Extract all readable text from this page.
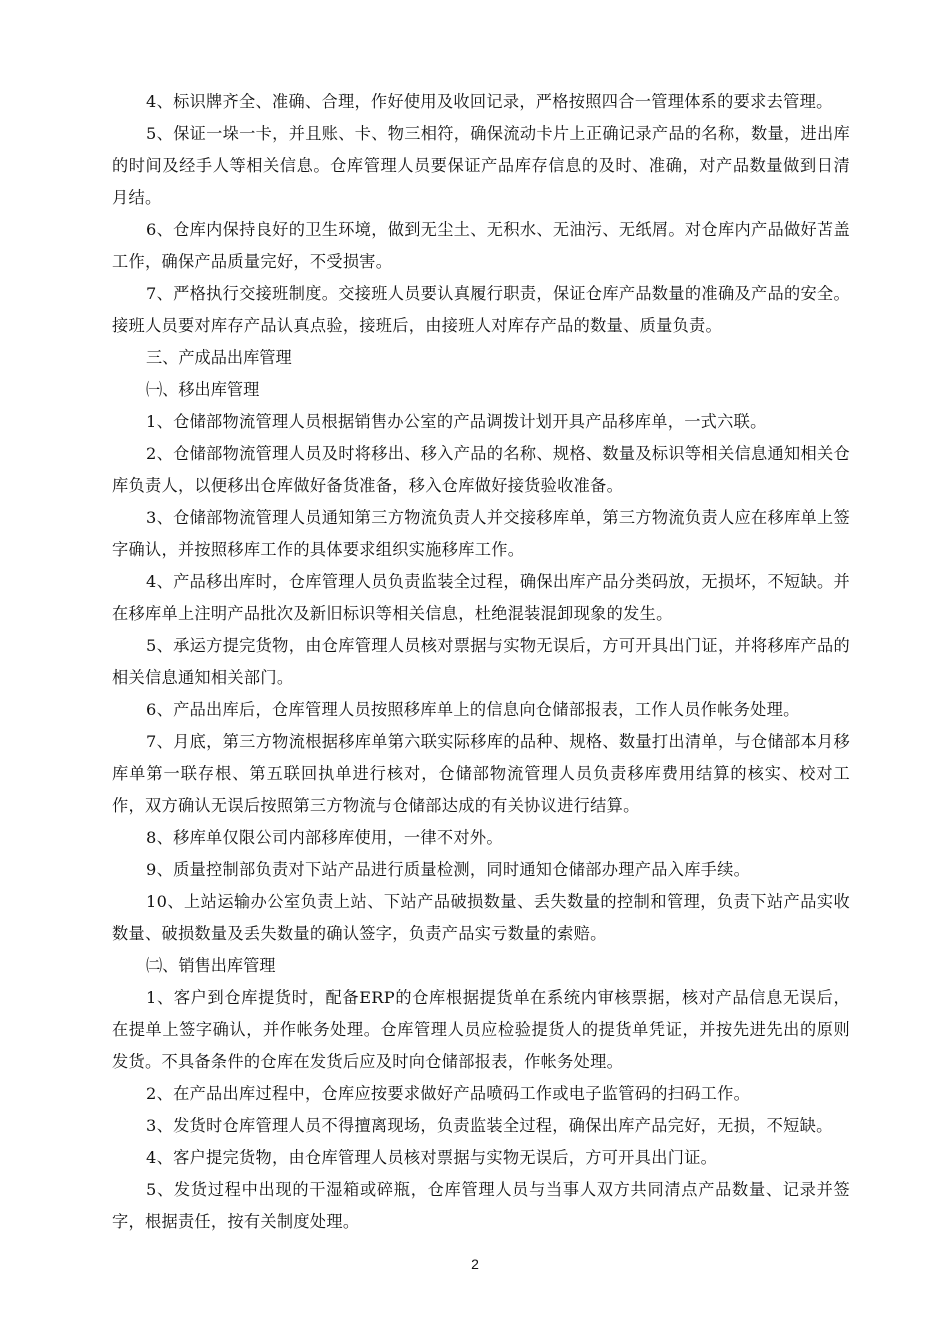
4、标识牌齐全、准确、合理，作好使用及收回记录，严格按照四合一管理体系的要求去管理。

5、保证一垛一卡，并且账、卡、物三相符，确保流动卡片上正确记录产品的名称，数量，进出库的时间及经手人等相关信息。仓库管理人员要保证产品库存信息的及时、准确，对产品数量做到日清月结。

6、仓库内保持良好的卫生环境，做到无尘土、无积水、无油污、无纸屑。对仓库内产品做好苫盖工作，确保产品质量完好，不受损害。

7、严格执行交接班制度。交接班人员要认真履行职责，保证仓库产品数量的准确及产品的安全。接班人员要对库存产品认真点验，接班后，由接班人对库存产品的数量、质量负责。

三、产成品出库管理

㈠、移出库管理

1、仓储部物流管理人员根据销售办公室的产品调拨计划开具产品移库单，一式六联。

2、仓储部物流管理人员及时将移出、移入产品的名称、规格、数量及标识等相关信息通知相关仓库负责人，以便移出仓库做好备货准备，移入仓库做好接货验收准备。

3、仓储部物流管理人员通知第三方物流负责人并交接移库单，第三方物流负责人应在移库单上签字确认，并按照移库工作的具体要求组织实施移库工作。

4、产品移出库时，仓库管理人员负责监装全过程，确保出库产品分类码放，无损坏，不短缺。并在移库单上注明产品批次及新旧标识等相关信息，杜绝混装混卸现象的发生。

5、承运方提完货物，由仓库管理人员核对票据与实物无误后，方可开具出门证，并将移库产品的相关信息通知相关部门。

6、产品出库后，仓库管理人员按照移库单上的信息向仓储部报表，工作人员作帐务处理。

7、月底，第三方物流根据移库单第六联实际移库的品种、规格、数量打出清单，与仓储部本月移库单第一联存根、第五联回执单进行核对，仓储部物流管理人员负责移库费用结算的核实、校对工作，双方确认无误后按照第三方物流与仓储部达成的有关协议进行结算。

8、移库单仅限公司内部移库使用，一律不对外。

9、质量控制部负责对下站产品进行质量检测，同时通知仓储部办理产品入库手续。

10、上站运输办公室负责上站、下站产品破损数量、丢失数量的控制和管理，负责下站产品实收数量、破损数量及丢失数量的确认签字，负责产品实亏数量的索赔。

㈡、销售出库管理

1、客户到仓库提货时，配备ERP的仓库根据提货单在系统内审核票据，核对产品信息无误后，在提单上签字确认，并作帐务处理。仓库管理人员应检验提货人的提货单凭证，并按先进先出的原则发货。不具备条件的仓库在发货后应及时向仓储部报表，作帐务处理。

2、在产品出库过程中，仓库应按要求做好产品喷码工作或电子监管码的扫码工作。

3、发货时仓库管理人员不得擅离现场，负责监装全过程，确保出库产品完好，无损，不短缺。

4、客户提完货物，由仓库管理人员核对票据与实物无误后，方可开具出门证。

5、发货过程中出现的干湿箱或碎瓶，仓库管理人员与当事人双方共同清点产品数量、记录并签字，根据责任，按有关制度处理。

2
